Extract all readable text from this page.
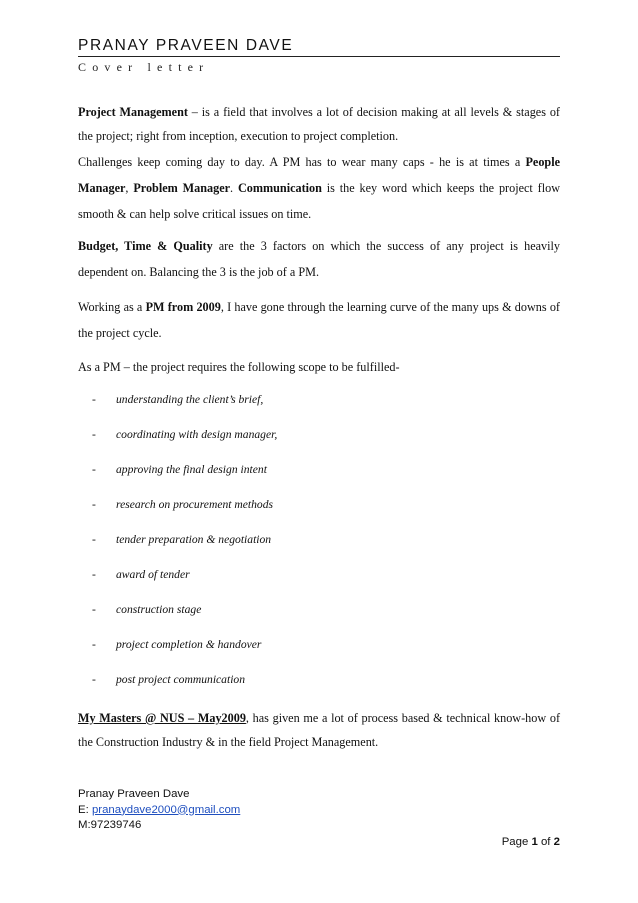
PRANAY PRAVEEN DAVE
Cover letter
Project Management – is a field that involves a lot of decision making at all levels & stages of the project; right from inception, execution to project completion.
Challenges keep coming day to day. A PM has to wear many caps - he is at times a People Manager, Problem Manager. Communication is the key word which keeps the project flow smooth & can help solve critical issues on time.
Budget, Time & Quality are the 3 factors on which the success of any project is heavily dependent on. Balancing the 3 is the job of a PM.
Working as a PM from 2009, I have gone through the learning curve of the many ups & downs of the project cycle.
As a PM – the project requires the following scope to be fulfilled-
- understanding the client’s brief,
- coordinating with design manager,
- approving the final design intent
- research on procurement methods
- tender preparation & negotiation
- award of tender
- construction stage
- project completion & handover
- post project communication
My Masters @ NUS – May2009, has given me a lot of process based & technical know-how of the Construction Industry & in the field Project Management.
Pranay Praveen Dave
E: pranaydave2000@gmail.com
M:97239746
Page 1 of 2
